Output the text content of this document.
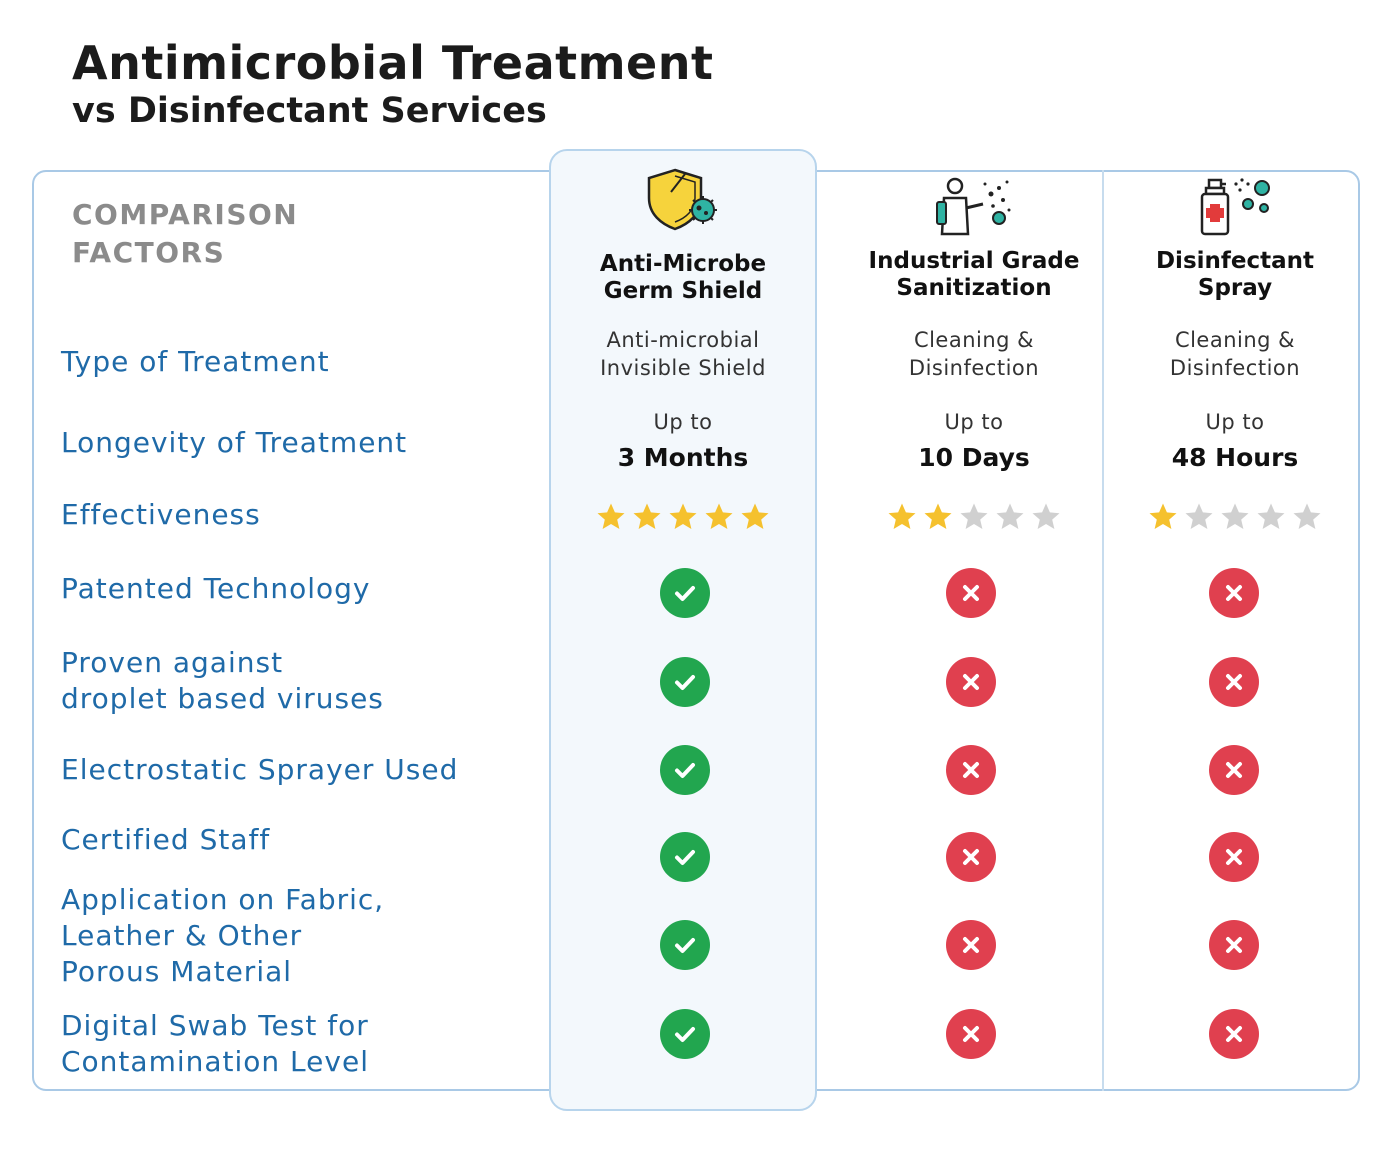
Antimicrobial Treatment
vs Disinfectant Services
COMPARISON
FACTORS
Type of Treatment
Longevity of Treatment
Effectiveness
Patented Technology
Proven against
droplet based viruses
Electrostatic Sprayer Used
Certified Staff
Application on Fabric,
Leather & Other
Porous Material
Digital Swab Test for
Contamination Level
Anti-Microbe
Germ Shield
Anti-microbial
Invisible Shield
Up to
3 Months
Industrial Grade
Sanitization
Cleaning &
Disinfection
Up to
10 Days
Disinfectant
Spray
Cleaning &
Disinfection
Up to
48 Hours
